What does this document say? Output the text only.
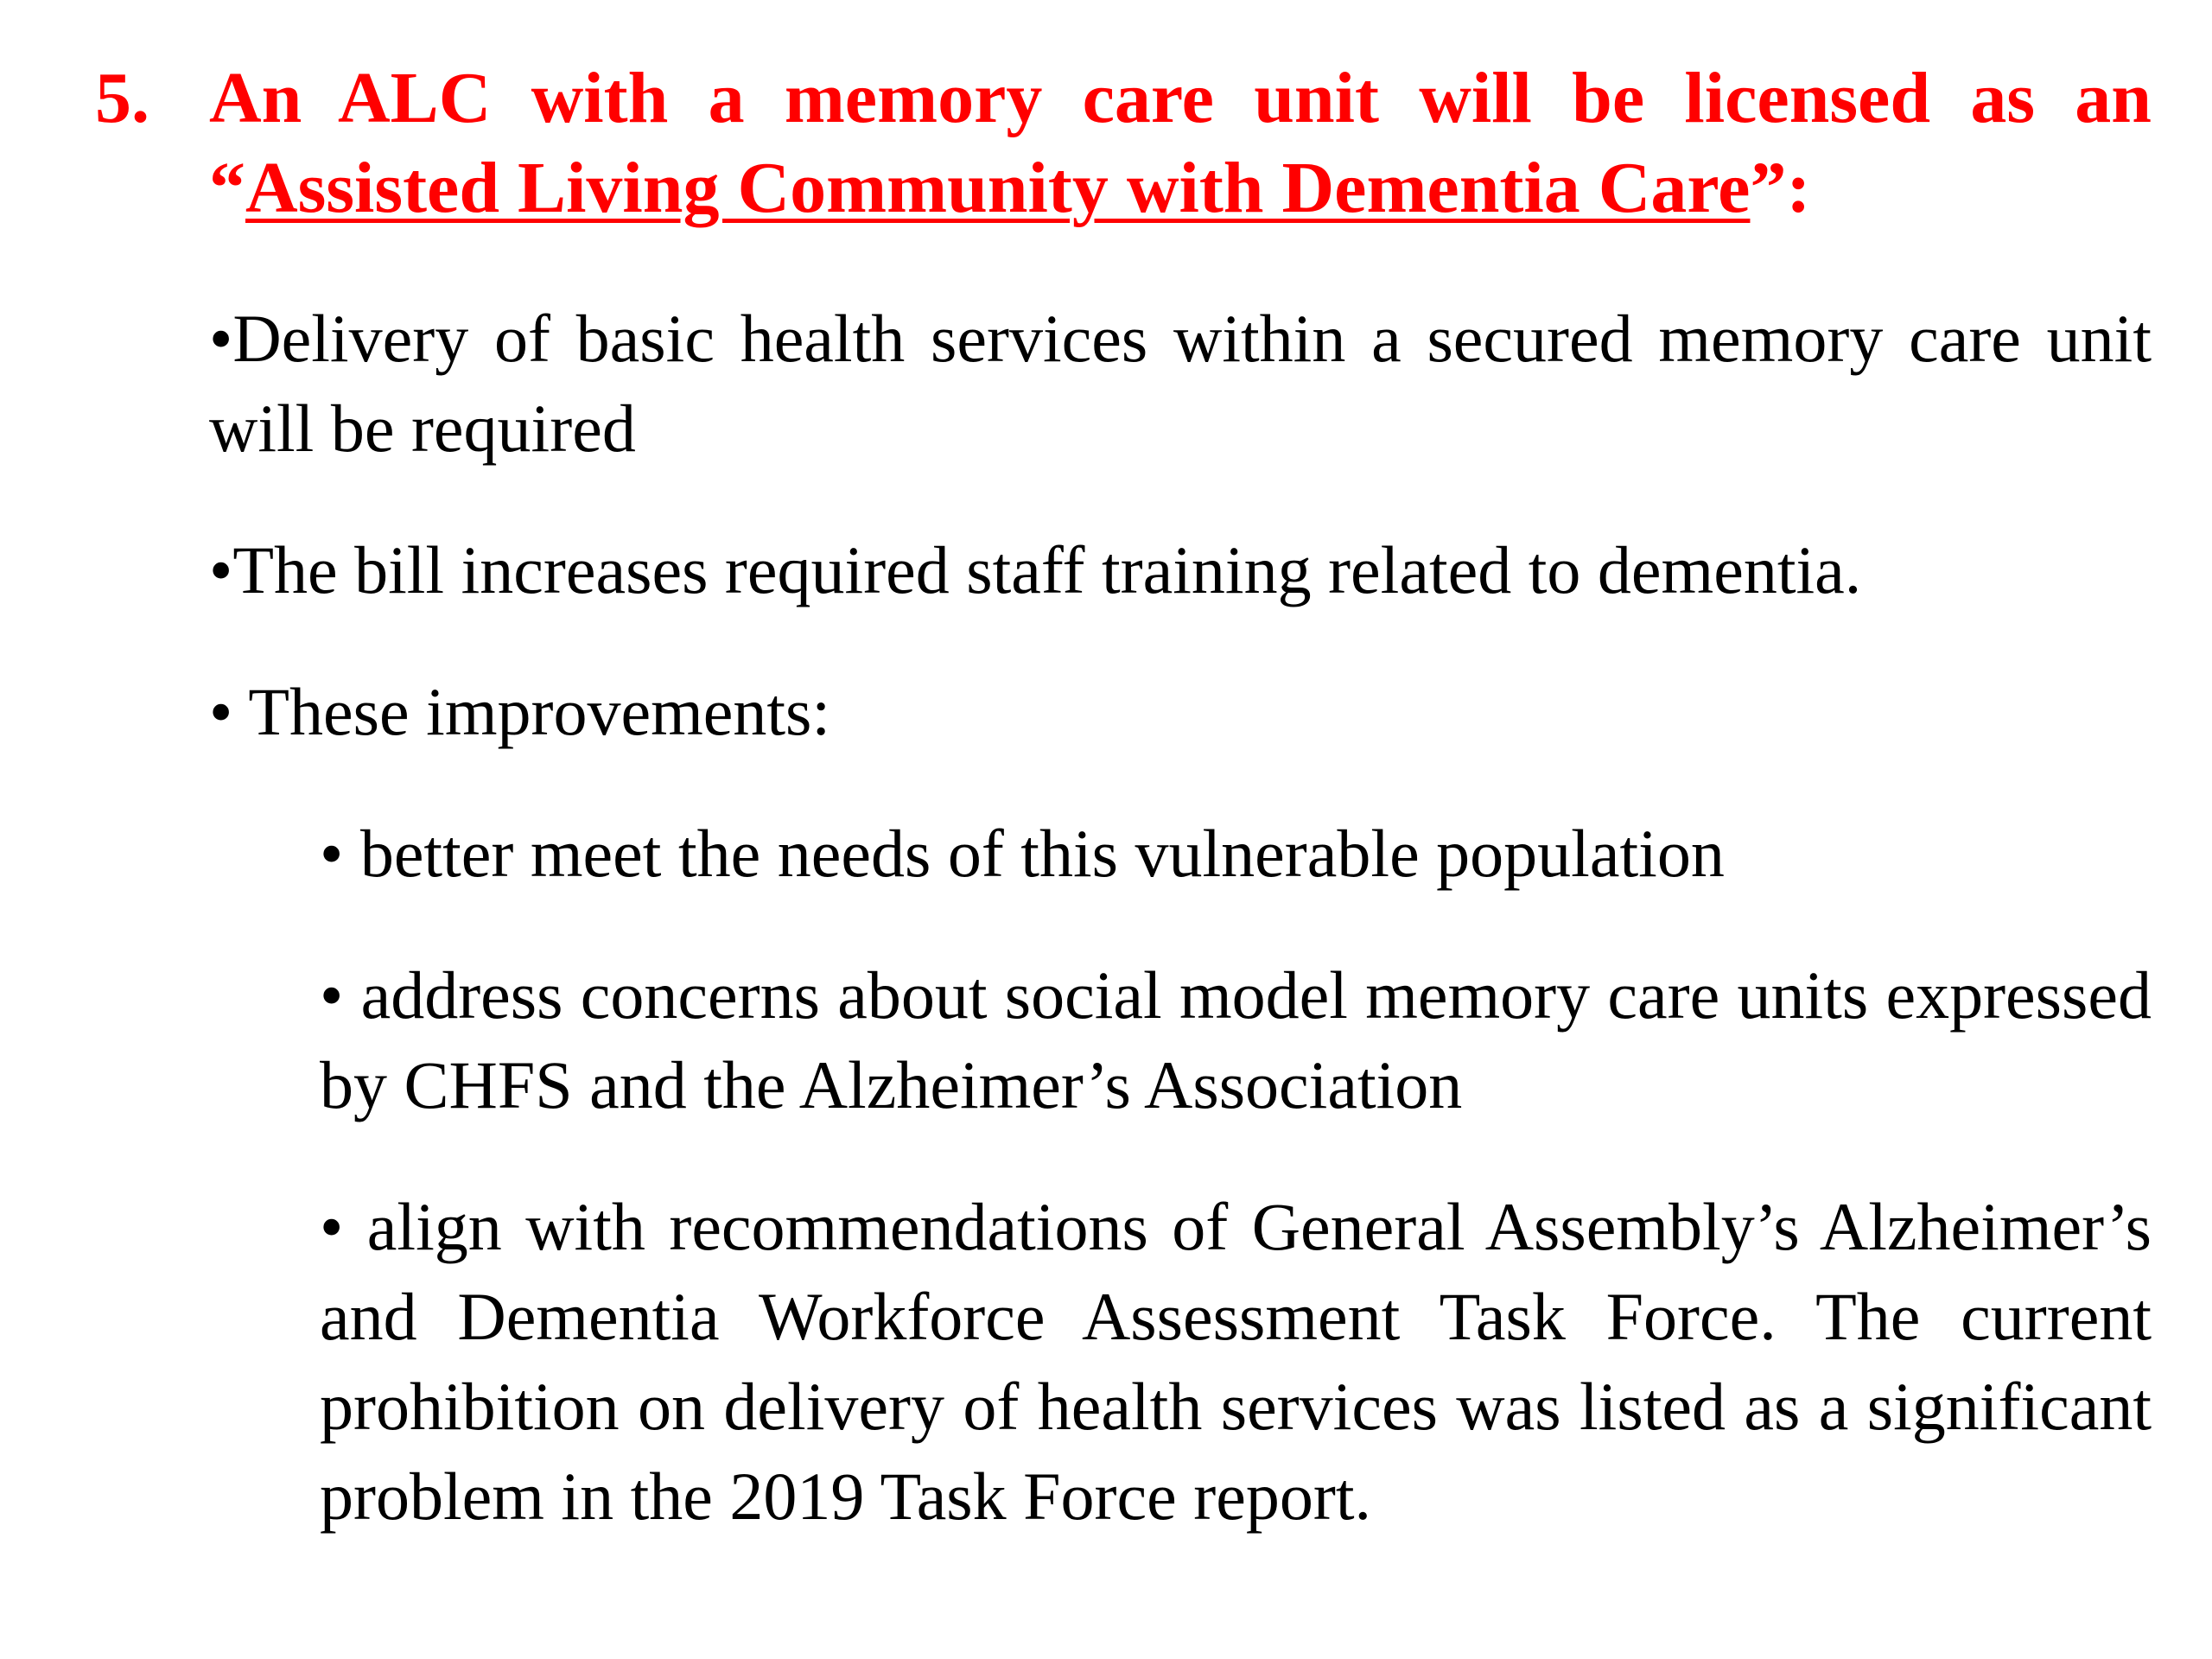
5. An ALC with a memory care unit will be licensed as an “Assisted Living Community with Dementia Care”:
•Delivery of basic health services within a secured memory care unit will be required
•The bill increases required staff training related to dementia.
• These improvements:
• better meet the needs of this vulnerable population
• address concerns about social model memory care units expressed by CHFS and the Alzheimer’s Association
• align with recommendations of General Assembly’s Alzheimer’s and Dementia Workforce Assessment Task Force. The current prohibition on delivery of health services was listed as a significant problem in the 2019 Task Force report.
